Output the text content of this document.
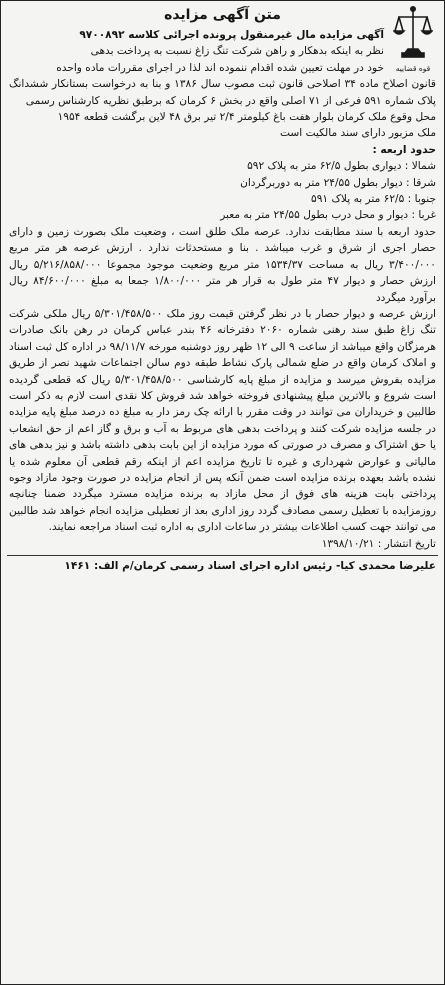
قوه قضاییه
متن آگهی مزایده

آگهی مزایده مال غیرمنقول پرونده اجرائی کلاسه ۹۷۰۰۸۹۲

نظر به اینکه بدهکار و راهن شرکت تنگ زاغ نسبت به پرداخت بدهی

خود در مهلت تعیین شده اقدام ننموده اند لذا در اجرای مقررات ماده واحده

قانون اصلاح ماده ۳۴ اصلاحی قانون ثبت مصوب سال ۱۳۸۶ و بنا به درخواست بستانکار ششدانگ پلاک شماره ۵۹۱ فرعی از ۷۱ اصلی واقع در بخش ۶ کرمان که برطبق نظریه کارشناس رسمی

محل وقوع ملک کرمان بلوار هفت باغ کیلومتر ۲/۴ تیر برق ۴۸ لاین برگشت قطعه ۱۹۵۴

ملک مزبور دارای سند مالکیت است

حدود اربعه :

شمالا : دیواری بطول ۶۲/۵ متر به پلاک ۵۹۲

شرقا : دیوار بطول ۲۴/۵۵ متر به دوربرگردان

جنوبا : ۶۲/۵ متر به پلاک ۵۹۱

غربا : دیوار و محل درب بطول ۲۴/۵۵ متر به معبر

حدود اربعه با سند مطابقت ندارد. عرصه ملک طلق است ، وضعیت ملک بصورت زمین و دارای حصار اجری از شرق و غرب میباشد . بنا و مستحدثات ندارد . ارزش عرصه هر متر مربع ۳/۴۰۰/۰۰۰ ریال به مساحت ۱۵۳۴/۳۷ متر مربع وضعیت موجود مجموعا ۵/۲۱۶/۸۵۸/۰۰۰ ریال ارزش حصار و دیوار ۴۷ متر طول به قرار هر متر ۱/۸۰۰/۰۰۰ جمعا به مبلغ ۸۴/۶۰۰/۰۰۰ ریال برآورد میگردد

ارزش عرصه و دیوار حصار با در نظر گرفتن قیمت روز ملک ۵/۳۰۱/۴۵۸/۵۰۰ ریال ملکی شرکت تنگ زاغ طبق سند رهنی شماره ۲۰۶۰ دفترخانه ۴۶ بندر عباس کرمان در رهن بانک صادرات هرمزگان واقع میباشد از ساعت ۹ الی ۱۲ ظهر روز دوشنبه مورخه ۹۸/۱۱/۷ در اداره کل ثبت اسناد و املاک کرمان واقع در ضلع شمالی پارک نشاط طبقه دوم سالن اجتماعات شهید نصر از طریق مزایده بفروش میرسد و مزایده از مبلغ پایه کارشناسی ۵/۳۰۱/۴۵۸/۵۰۰ ریال که قطعی گردیده است شروع و بالاترین مبلغ پیشنهادی فروخته خواهد شد فروش کلا نقدی است لازم به ذکر است طالبین و خریداران می توانند در وقت مقرر با ارائه چک رمز دار به مبلغ ده درصد مبلغ پایه مزایده در جلسه مزایده شرکت کنند و پرداخت بدهی های مربوط به آب و برق و گاز اعم از حق انشعاب یا حق اشتراک و مصرف در صورتی که مورد مزایده از این بابت بدهی داشته باشد و نیز بدهی های مالیاتی و عوارض شهرداری و غیره تا تاریخ مزایده اعم از اینکه رقم قطعی آن معلوم شده یا نشده باشد بعهده برنده مزایده است ضمن آنکه پس از انجام مزایده در صورت وجود مازاد وجوه پرداختی بابت هزینه های فوق از محل مازاد به برنده مزایده مسترد میگردد ضمنا چنانچه روزمزایده با تعطیل رسمی مصادف گردد روز اداری بعد از تعطیلی مزایده انجام خواهد شد طالبین می توانند جهت کسب اطلاعات بیشتر در ساعات اداری به اداره ثبت اسناد مراجعه نمایند.

تاریخ انتشار : ۱۳۹۸/۱۰/۲۱

علیرضا محمدی کیا- رئیس اداره اجرای اسناد رسمی کرمان/م الف: ۱۴۶۱
